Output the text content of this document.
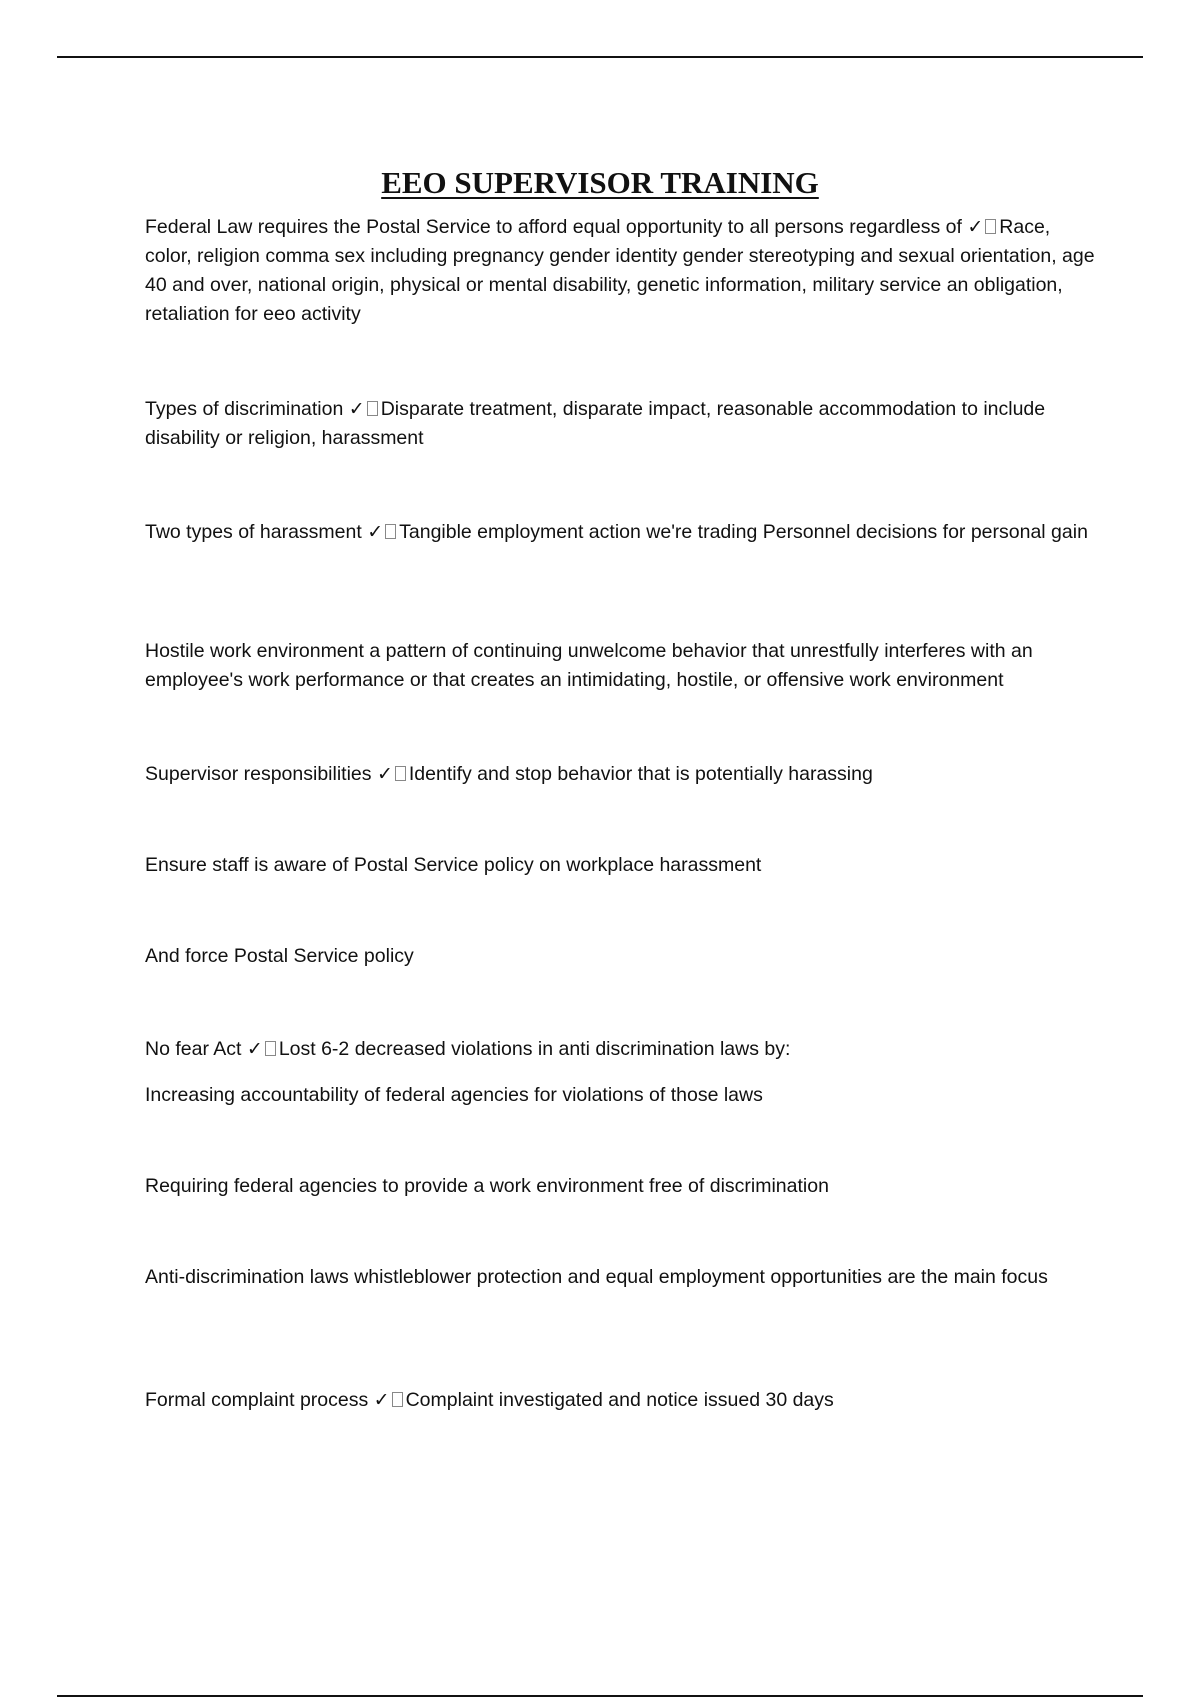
EEO SUPERVISOR TRAINING

Federal Law requires the Postal Service to afford equal opportunity to all persons regardless of ✓ Race, color, religion comma sex including pregnancy gender identity gender stereotyping and sexual orientation, age 40 and over, national origin, physical or mental disability, genetic information, military service an obligation, retaliation for eeo activity

Types of discrimination ✓ Disparate treatment, disparate impact, reasonable accommodation to include disability or religion, harassment

Two types of harassment ✓ Tangible employment action we're trading Personnel decisions for personal gain

Hostile work environment a pattern of continuing unwelcome behavior that unrestfully interferes with an employee's work performance or that creates an intimidating, hostile, or offensive work environment

Supervisor responsibilities ✓ Identify and stop behavior that is potentially harassing

Ensure staff is aware of Postal Service policy on workplace harassment

And force Postal Service policy

No fear Act ✓ Lost 6-2 decreased violations in anti discrimination laws by:

Increasing accountability of federal agencies for violations of those laws

Requiring federal agencies to provide a work environment free of discrimination

Anti-discrimination laws whistleblower protection and equal employment opportunities are the main focus

Formal complaint process ✓ Complaint investigated and notice issued 30 days
